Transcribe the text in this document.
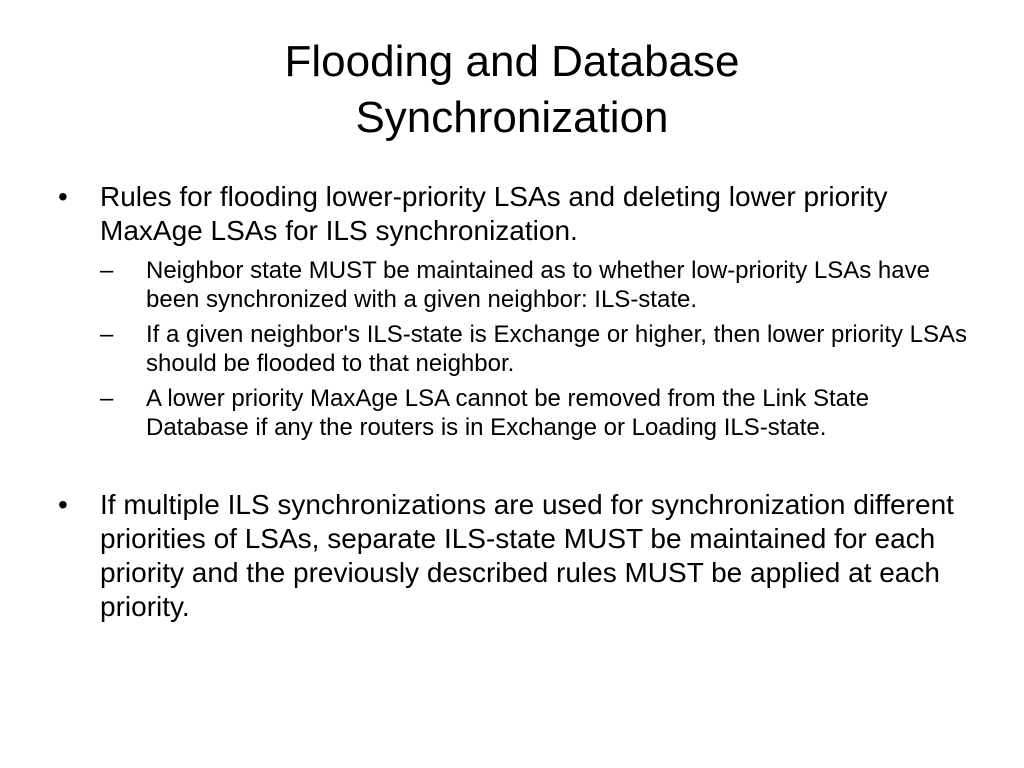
Flooding and Database
Synchronization
•	Rules for flooding lower-priority LSAs and deleting lower priority MaxAge LSAs for ILS synchronization.
–	Neighbor state MUST be maintained as to whether low-priority LSAs have been synchronized with a given neighbor: ILS-state.
–	If a given neighbor's ILS-state is Exchange or higher, then lower priority LSAs should be flooded to that neighbor.
–	A lower priority MaxAge LSA cannot be removed from the Link State Database if any the routers is in Exchange or Loading ILS-state.
•	If multiple ILS synchronizations are used for synchronization different priorities of LSAs, separate ILS-state MUST be maintained for each priority and the previously described rules MUST be applied at each priority.
